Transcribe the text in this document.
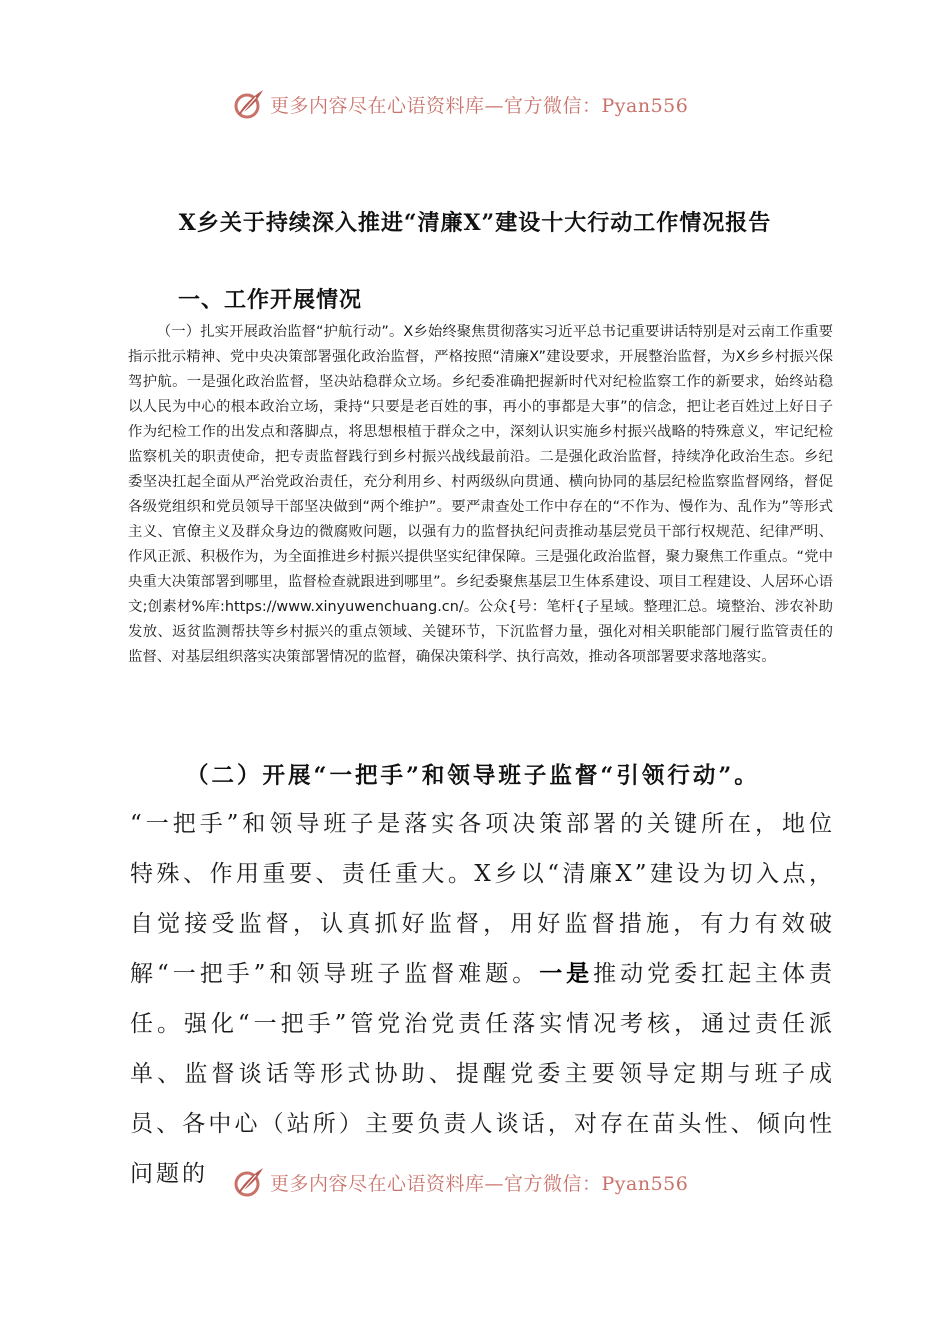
更多内容尽在心语资料库—官方微信：Pyan556
X乡关于持续深入推进“清廉X”建设十大行动工作情况报告
一、工作开展情况
（一）扎实开展政治监督“护航行动”。X乡始终聚焦贯彻落实习近平总书记重要讲话特别是对云南工作重要指示批示精神、党中央决策部署强化政治监督，严格按照“清廉X”建设要求，开展整治监督，为X乡乡村振兴保驾护航。一是强化政治监督，坚决站稳群众立场。乡纪委准确把握新时代对纪检监察工作的新要求，始终站稳以人民为中心的根本政治立场，秉持“只要是老百姓的事，再小的事都是大事”的信念，把让老百姓过上好日子作为纪检工作的出发点和落脚点，将思想根植于群众之中，深刻认识实施乡村振兴战略的特殊意义，牢记纪检监察机关的职责使命，把专责监督践行到乡村振兴战线最前沿。二是强化政治监督，持续净化政治生态。乡纪委坚决扛起全面从严治党政治责任，充分利用乡、村两级纵向贯通、横向协同的基层纪检监察监督网络，督促各级党组织和党员领导干部坚决做到“两个维护”。要严肃查处工作中存在的“不作为、慢作为、乱作为”等形式主义、官僚主义及群众身边的微腐败问题，以强有力的监督执纪问责推动基层党员干部行权规范、纪律严明、作风正派、积极作为，为全面推进乡村振兴提供坚实纪律保障。三是强化政治监督，聚力聚焦工作重点。“党中央重大决策部署到哪里，监督检查就跟进到哪里”。乡纪委聚焦基层卫生体系建设、项目工程建设、人居环心语文;创素材%库:https://www.xinyuwenchuang.cn/。公众{号：笔杆{子星域。整理汇总。境整治、涉农补助发放、返贫监测帮扶等乡村振兴的重点领域、关键环节，下沉监督力量，强化对相关职能部门履行监管责任的监督、对基层组织落实决策部署情况的监督，确保决策科学、执行高效，推动各项部署要求落地落实。
（二）开展“一把手”和领导班子监督“引领行动”。
“一把手”和领导班子是落实各项决策部署的关键所在，地位特殊、作用重要、责任重大。X乡以“清廉X”建设为切入点，自觉接受监督，认真抓好监督，用好监督措施，有力有效破解“一把手”和领导班子监督难题。一是推动党委扛起主体责任。强化“一把手”管党治党责任落实情况考核，通过责任派单、监督谈话等形式协助、提醒党委主要领导定期与班子成员、各中心（站所）主要负责人谈话，对存在苗头性、倾向性问题的	更多内容尽在心语资料库—官方微信：Pyan556
